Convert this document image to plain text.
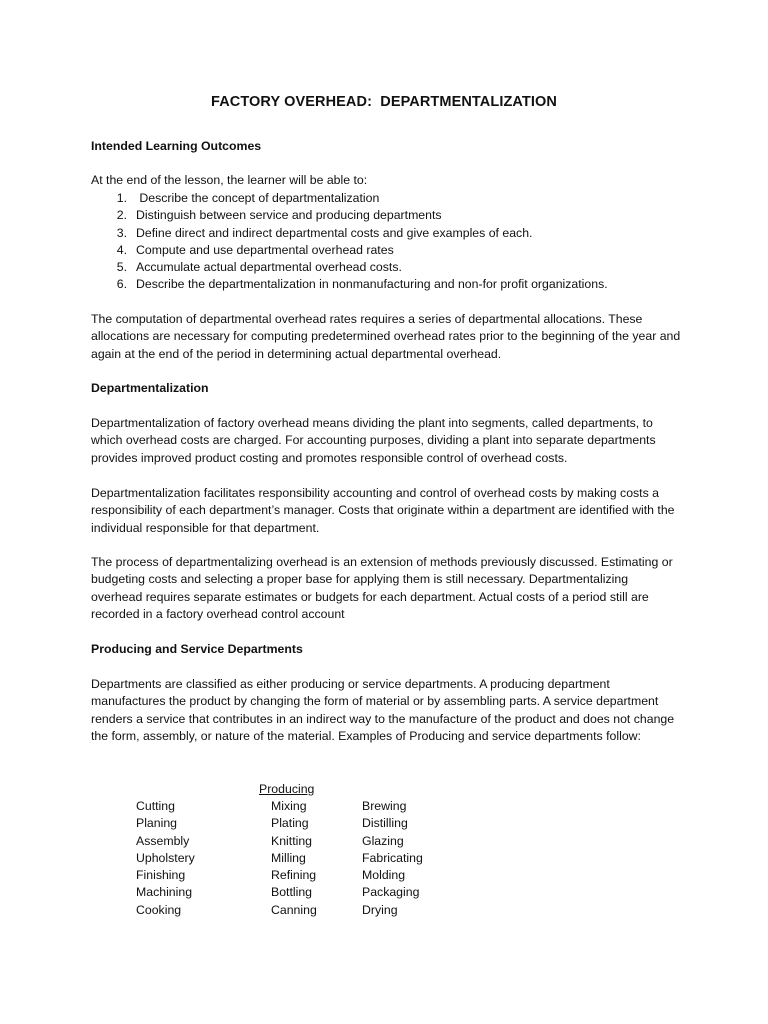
FACTORY OVERHEAD:  DEPARTMENTALIZATION
Intended Learning Outcomes
At the end of the lesson, the learner will be able to:
1. Describe the concept of departmentalization
2. Distinguish between service and producing departments
3. Define direct and indirect departmental costs and give examples of each.
4. Compute and use departmental overhead rates
5. Accumulate actual departmental overhead costs.
6. Describe the departmentalization in nonmanufacturing and non-for profit organizations.

The computation of departmental overhead rates requires a series of departmental allocations. These allocations are necessary for computing predetermined overhead rates prior to the beginning of the year and again at the end of the period in determining actual departmental overhead.

Departmentalization

Departmentalization of factory overhead means dividing the plant into segments, called departments, to which overhead costs are charged. For accounting purposes, dividing a plant into separate departments provides improved product costing and promotes responsible control of overhead costs.

Departmentalization facilitates responsibility accounting and control of overhead costs by making costs a responsibility of each department’s manager. Costs that originate within a department are identified with the individual responsible for that department.

The process of departmentalizing overhead is an extension of methods previously discussed. Estimating or budgeting costs and selecting a proper base for applying them is still necessary. Departmentalizing overhead requires separate estimates or budgets for each department. Actual costs of a period still are recorded in a factory overhead control account

Producing and Service Departments

Departments are classified as either producing or service departments. A producing department manufactures the product by changing the form of material or by assembling parts. A service department renders a service that contributes in an indirect way to the manufacture of the product and does not change the form, assembly, or nature of the material. Examples of Producing and service departments follow:

Producing
Cutting
Planing
Assembly
Upholstery
Finishing
Machining
Cooking
Mixing
Plating
Knitting
Milling
Refining
Bottling
Canning
Brewing
Distilling
Glazing
Fabricating
Molding
Packaging
Drying
